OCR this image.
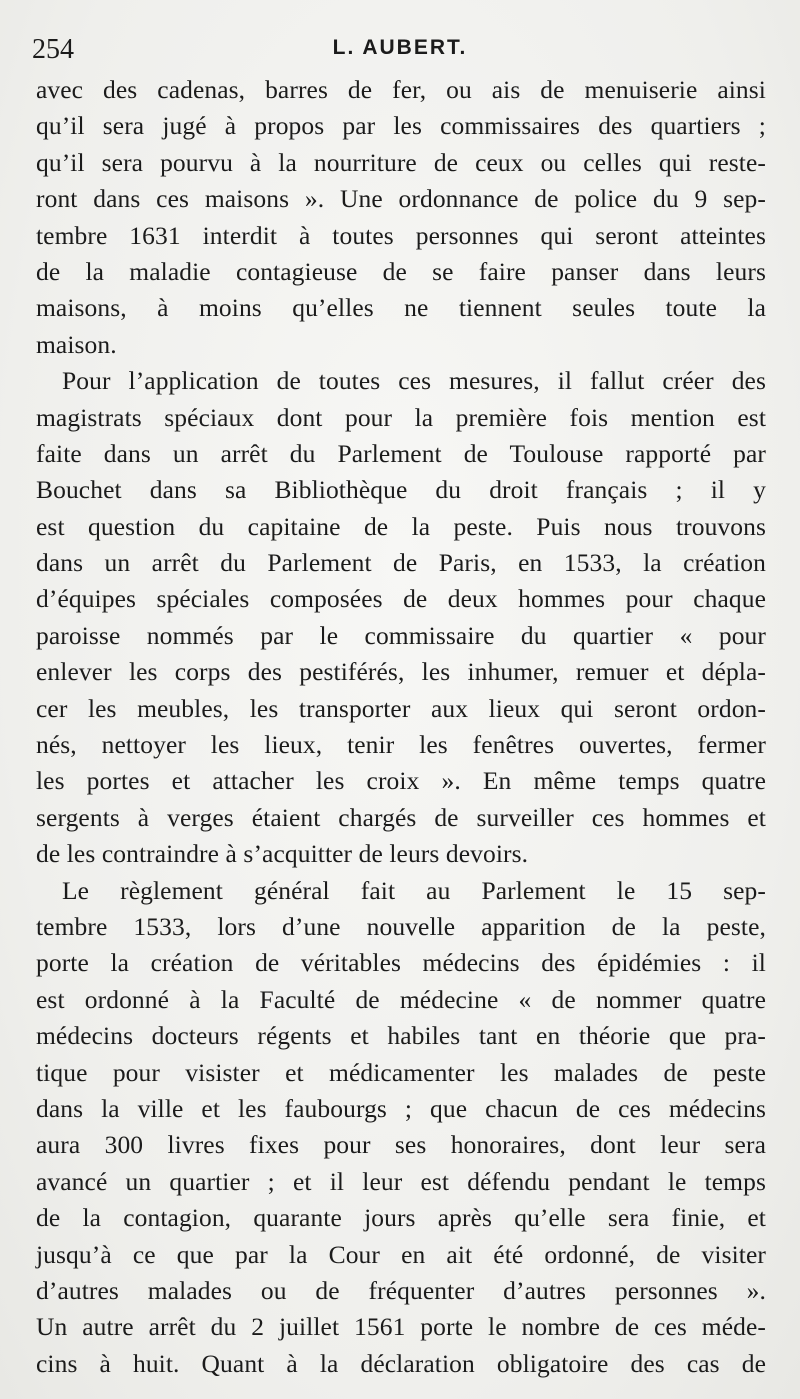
254	L. AUBERT.
avec des cadenas, barres de fer, ou ais de menuiserie ainsi
qu’il sera jugé à propos par les commissaires des quartiers ;
qu’il sera pourvu à la nourriture de ceux ou celles qui reste-
ront dans ces maisons ». Une ordonnance de police du 9 sep-
tembre 1631 interdit à toutes personnes qui seront atteintes
de la maladie contagieuse de se faire panser dans leurs
maisons, à moins qu’elles ne tiennent seules toute la
maison.
Pour l’application de toutes ces mesures, il fallut créer des
magistrats spéciaux dont pour la première fois mention est
faite dans un arrêt du Parlement de Toulouse rapporté par
Bouchet dans sa Bibliothèque du droit français ; il y
est question du capitaine de la peste. Puis nous trouvons
dans un arrêt du Parlement de Paris, en 1533, la création
d’équipes spéciales composées de deux hommes pour chaque
paroisse nommés par le commissaire du quartier « pour
enlever les corps des pestiférés, les inhumer, remuer et dépla-
cer les meubles, les transporter aux lieux qui seront ordon-
nés, nettoyer les lieux, tenir les fenêtres ouvertes, fermer
les portes et attacher les croix ». En même temps quatre
sergents à verges étaient chargés de surveiller ces hommes et
de les contraindre à s’acquitter de leurs devoirs.
Le règlement général fait au Parlement le 15 sep-
tembre 1533, lors d’une nouvelle apparition de la peste,
porte la création de véritables médecins des épidémies : il
est ordonné à la Faculté de médecine « de nommer quatre
médecins docteurs régents et habiles tant en théorie que pra-
tique pour visister et médicamenter les malades de peste
dans la ville et les faubourgs ; que chacun de ces médecins
aura 300 livres fixes pour ses honoraires, dont leur sera
avancé un quartier ; et il leur est défendu pendant le temps
de la contagion, quarante jours après qu’elle sera finie, et
jusqu’à ce que par la Cour en ait été ordonné, de visiter
d’autres malades ou de fréquenter d’autres personnes ».
Un autre arrêt du 2 juillet 1561 porte le nombre de ces méde-
cins à huit. Quant à la déclaration obligatoire des cas de
